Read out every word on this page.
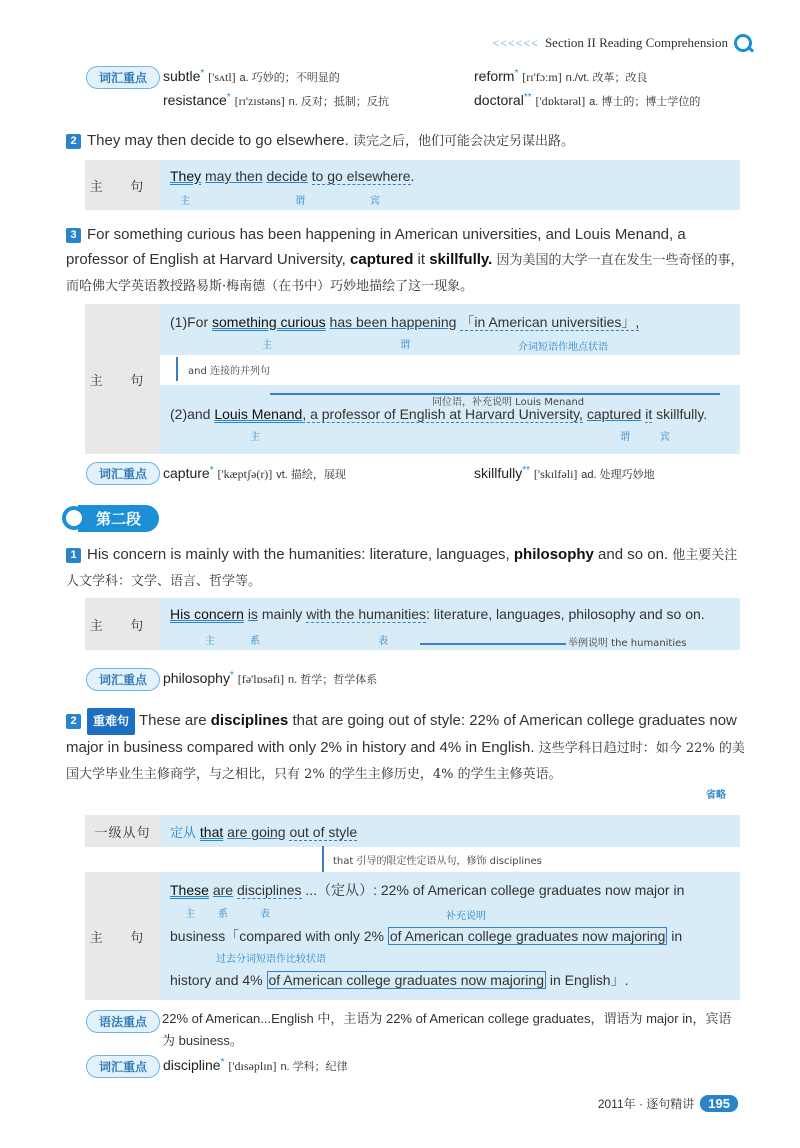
<<<<<< Section II Reading Comprehension
词汇重点	subtle* ['sʌtl] a. 巧妙的；不明显的	reform* [rɪ'fɔːm] n./vt. 改革；改良
resistance* [rɪ'zɪstəns] n. 反对；抵制；反抗	doctoral** ['dɒktərəl] a. 博士的；博士学位的
2 They may then decide to go elsewhere. 读完之后，他们可能会决定另谋出路。
主 句
They may then decide to go elsewhere.
主	谓	宾
3 For something curious has been happening in American universities, and Louis Menand, a professor of English at Harvard University, captured it skillfully. 因为美国的大学一直在发生一些奇怪的事，而哈佛大学英语教授路易斯·梅南德（在书中）巧妙地描绘了这一现象。
主 句
(1)For something curious has been happening 「in American universities」,
主	谓	介词短语作地点状语
and 连接的并列句
同位语，补充说明 Louis Menand
(2)and Louis Menand, a professor of English at Harvard University, captured it skillfully.
主	谓	宾
词汇重点	capture* ['kæptʃə(r)] vt. 描绘，展现	skillfully** ['skɪlfəli] ad. 处理巧妙地
第二段
1 His concern is mainly with the humanities: literature, languages, philosophy and so on. 他主要关注人文学科：文学、语言、哲学等。
主 句
His concern is mainly with the humanities: literature, languages, philosophy and so on.
主	系	表	举例说明 the humanities
词汇重点	philosophy* [fə'lɒsəfi] n. 哲学；哲学体系
2 重难句 These are disciplines that are going out of style: 22% of American college graduates now major in business compared with only 2% in history and 4% in English. 这些学科日趋过时：如今 22% 的美国大学毕业生主修商学，与之相比，只有 2% 的学生主修历史，4% 的学生主修英语。
省略
一级从句	定从 that are going out of style
that 引导的限定性定语从句，修饰 disciplines
主 句
These are disciplines ...（定从）: 22% of American college graduates now major in
主 系	表	补充说明
business「compared with only 2% of American college graduates now majoring in
过去分词短语作比较状语
history and 4% of American college graduates now majoring in English」.
语法重点	22% of American...English 中，主语为 22% of American college graduates，谓语为 major in，宾语为 business。
词汇重点	discipline* ['dɪsəplɪn] n. 学科；纪律
2011年 · 逐句精讲	195
